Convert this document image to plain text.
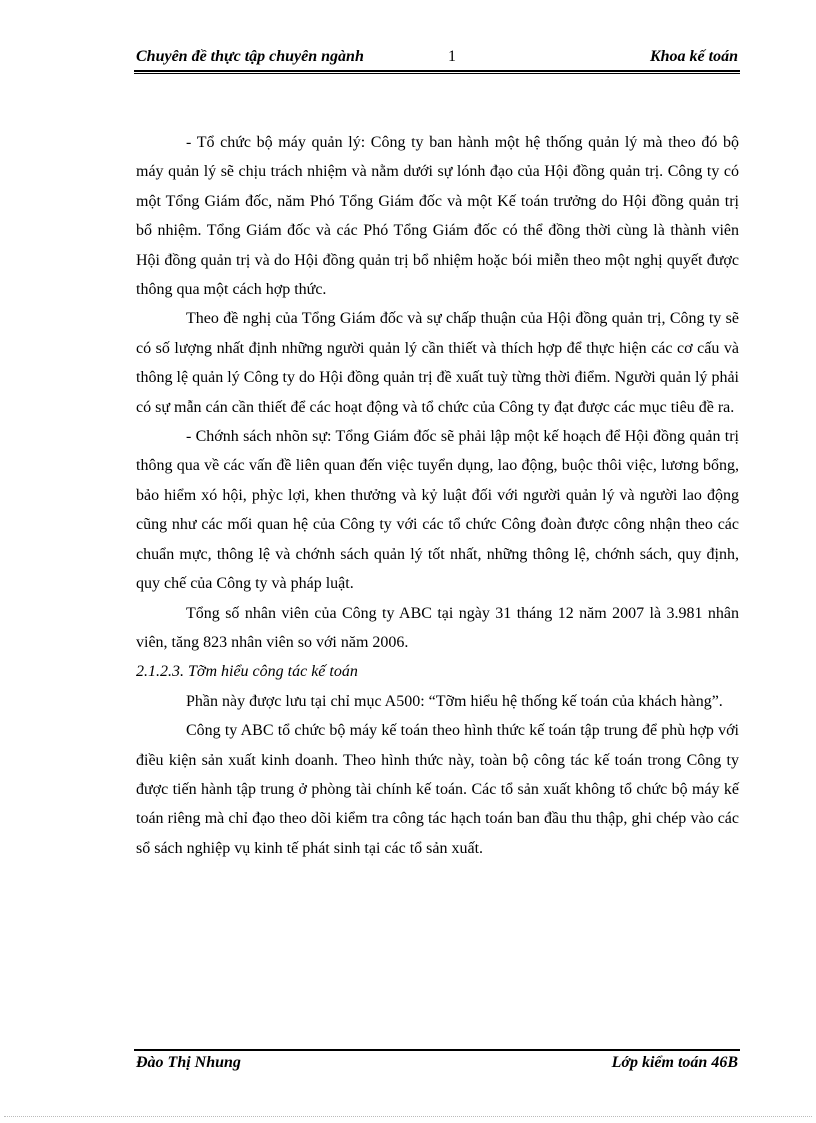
Chuyên đề thực tập chuyên ngành	1	Khoa kế toán

- Tổ chức bộ máy quản lý: Công ty ban hành một hệ thống quản lý mà theo đó bộ máy quản lý sẽ chịu trách nhiệm và nằm dưới sự lónh đạo của Hội đồng quản trị. Công ty có một Tổng Giám đốc, năm Phó Tổng Giám đốc và một Kế toán trưởng do Hội đồng quản trị bổ nhiệm. Tổng Giám đốc và các Phó Tổng Giám đốc có thể đồng thời cùng là thành viên Hội đồng quản trị và do Hội đồng quản trị bổ nhiệm hoặc bói miễn theo một nghị quyết được thông qua một cách hợp thức.

Theo đề nghị của Tổng Giám đốc và sự chấp thuận của Hội đồng quản trị, Công ty sẽ có số lượng nhất định những người quản lý cần thiết và thích hợp để thực hiện các cơ cấu và thông lệ quản lý Công ty do Hội đồng quản trị đề xuất tuỳ từng thời điểm. Người quản lý phải có sự mẫn cán cần thiết để các hoạt động và tổ chức của Công ty đạt được các mục tiêu đề ra.

- Chớnh sách nhõn sự: Tổng Giám đốc sẽ phải lập một kế hoạch để Hội đồng quản trị thông qua về các vấn đề liên quan đến việc tuyển dụng, lao động, buộc thôi việc, lương bổng, bảo hiểm xó hội, phỳc lợi, khen thưởng và kỷ luật đối với người quản lý và người lao động cũng như các mối quan hệ của Công ty với các tổ chức Công đoàn được công nhận theo các chuẩn mực, thông lệ và chớnh sách quản lý tốt nhất, những thông lệ, chớnh sách, quy định, quy chế của Công ty và pháp luật.

Tổng số nhân viên của Công ty ABC tại ngày 31 tháng 12 năm 2007 là 3.981 nhân viên, tăng 823 nhân viên so với năm 2006.

2.1.2.3. Tỡm hiểu công tác kế toán

Phần này được lưu tại chỉ mục A500: “Tỡm hiểu hệ thống kế toán của khách hàng”.

Công ty ABC tổ chức bộ máy kế toán theo hình thức kế toán tập trung để phù hợp với điều kiện sản xuất kinh doanh. Theo hình thức này, toàn bộ công tác kế toán trong Công ty được tiến hành tập trung ở phòng tài chính kế toán. Các tổ sản xuất không tổ chức bộ máy kế toán riêng mà chỉ đạo theo dõi kiểm tra công tác hạch toán ban đầu thu thập, ghi chép vào các sổ sách nghiệp vụ kinh tế phát sinh tại các tổ sản xuất.

Đào Thị Nhung	Lớp kiểm toán 46B
